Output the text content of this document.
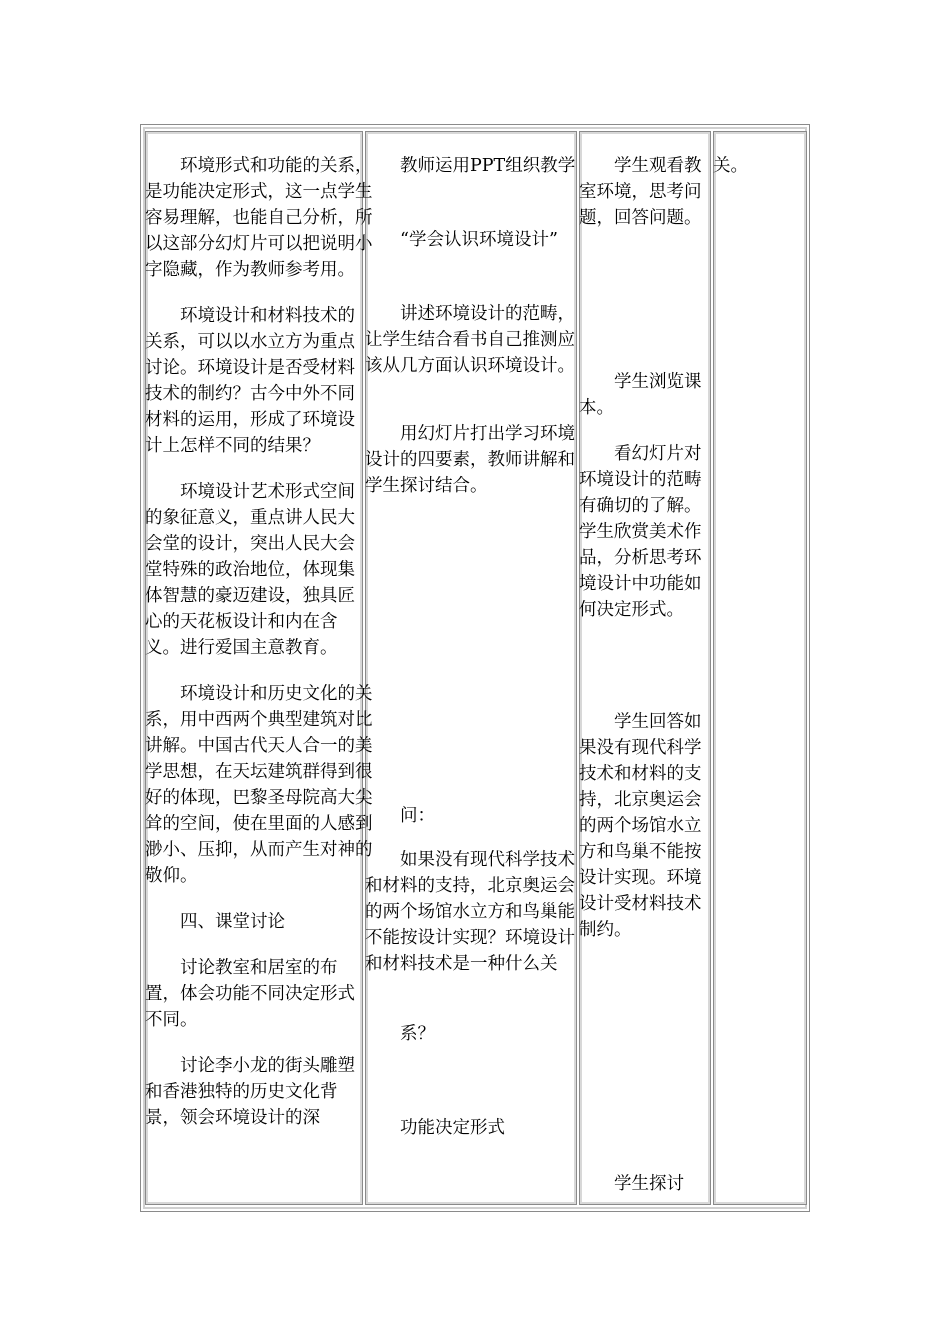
　　环境形式和功能的关系，是功能决定形式，这一点学生容易理解，也能自己分析，所以这部分幻灯片可以把说明小字隐藏，作为教师参考用。

　　环境设计和材料技术的关系，可以以水立方为重点讨论。环境设计是否受材料技术的制约？古今中外不同材料的运用，形成了环境设计上怎样不同的结果？

　　环境设计艺术形式空间的象征意义，重点讲人民大会堂的设计，突出人民大会堂特殊的政治地位，体现集体智慧的豪迈建设，独具匠心的天花板设计和内在含义。进行爱国主意教育。

　　环境设计和历史文化的关系，用中西两个典型建筑对比讲解。中国古代天人合一的美学思想，在天坛建筑群得到很好的体现，巴黎圣母院高大尖耸的空间，使在里面的人感到渺小、压抑，从而产生对神的敬仰。

　　四、课堂讨论

　　讨论教室和居室的布置，体会功能不同决定形式不同。

　　讨论李小龙的街头雕塑和香港独特的历史文化背景，领会环境设计的深

　　教师运用PPT组织教学

　　“学会认识环境设计”

　　讲述环境设计的范畴，让学生结合看书自己推测应该从几方面认识环境设计。

　　用幻灯片打出学习环境设计的四要素，教师讲解和学生探讨结合。

　　问：

　　如果没有现代科学技术和材料的支持，北京奥运会的两个场馆水立方和鸟巢能不能按设计实现？环境设计和材料技术是一种什么关

　　系？

　　功能决定形式

　　学生观看教室环境，思考问题，回答问题。

　　学生浏览课本。

　　看幻灯片对环境设计的范畴有确切的了解。学生欣赏美术作品，分析思考环境设计中功能如何决定形式。

　　学生回答如果没有现代科学技术和材料的支持，北京奥运会的两个场馆水立方和鸟巢不能按设计实现。环境设计受材料技术制约。

　　学生探讨

关。
